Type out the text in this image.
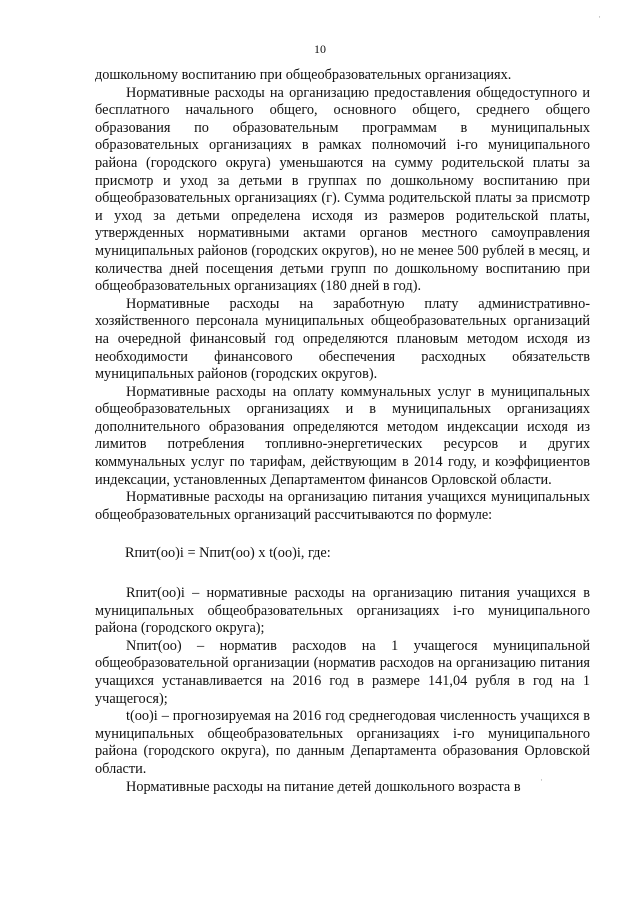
10

дошкольному воспитанию при общеобразовательных организациях.

Нормативные расходы на организацию предоставления общедоступного и бесплатного начального общего, основного общего, среднего общего образования по образовательным программам в муниципальных образовательных организациях в рамках полномочий i-го муниципального района (городского округа) уменьшаются на сумму родительской платы за присмотр и уход за детьми в группах по дошкольному воспитанию при общеобразовательных организациях (г). Сумма родительской платы за присмотр и уход за детьми определена исходя из размеров родительской платы, утвержденных нормативными актами органов местного самоуправления муниципальных районов (городских округов), но не менее 500 рублей в месяц, и количества дней посещения детьми групп по дошкольному воспитанию при общеобразовательных организациях (180 дней в год).

Нормативные расходы на заработную плату административно-хозяйственного персонала муниципальных общеобразовательных организаций на очередной финансовый год определяются плановым методом исходя из необходимости финансового обеспечения расходных обязательств муниципальных районов (городских округов).

Нормативные расходы на оплату коммунальных услуг в муниципальных общеобразовательных организациях и в муниципальных организациях дополнительного образования определяются методом индексации исходя из лимитов потребления топливно-энергетических ресурсов и других коммунальных услуг по тарифам, действующим в 2014 году, и коэффициентов индексации, установленных Департаментом финансов Орловской области.

Нормативные расходы на организацию питания учащихся муниципальных общеобразовательных организаций рассчитываются по формуле:

Rпит(оо)i = Nпит(оо) x t(оо)i, где:

Rпит(оо)i – нормативные расходы на организацию питания учащихся в муниципальных общеобразовательных организациях i-го муниципального района (городского округа);

Nпит(оо) – норматив расходов на 1 учащегося муниципальной общеобразовательной организации (норматив расходов на организацию питания учащихся устанавливается на 2016 год в размере 141,04 рубля в год на 1 учащегося);

t(оо)i – прогнозируемая на 2016 год среднегодовая численность учащихся в муниципальных общеобразовательных организациях i-го муниципального района (городского округа), по данным Департамента образования Орловской области.

Нормативные расходы на питание детей дошкольного возраста в

·
·
